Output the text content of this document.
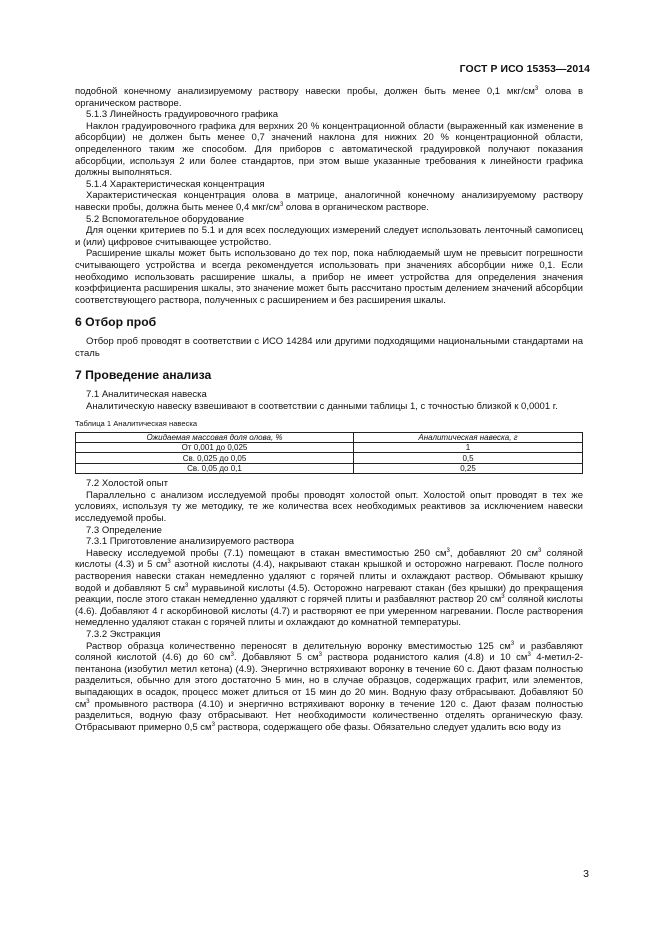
ГОСТ Р ИСО 15353—2014

подобной конечному анализируемому раствору навески пробы, должен быть менее 0,1 мкг/$см^3$ олова в органическом растворе.

5.1.3 Линейность градуировочного графика

Наклон градуировочного графика для верхних 20 % концентрационной области (выраженный как изменение в абсорбции) не должен быть менее 0,7 значений наклона для нижних 20 % концентрационной области, определенного таким же способом. Для приборов с автоматической градуировкой получают показания абсорбции, используя 2 или более стандартов, при этом выше указанные требования к линейности графика должны выполняться.

5.1.4 Характеристическая концентрация

Характеристическая концентрация олова в матрице, аналогичной конечному анализируемому раствору навески пробы, должна быть менее 0,4 мкг/$см^3$ олова в органическом растворе.

5.2 Вспомогательное оборудование

Для оценки критериев по 5.1 и для всех последующих измерений следует использовать ленточный самописец и (или) цифровое считывающее устройство.

Расширение шкалы может быть использовано до тех пор, пока наблюдаемый шум не превысит погрешности считывающего устройства и всегда рекомендуется использовать при значениях абсорбции ниже 0,1. Если необходимо использовать расширение шкалы, а прибор не имеет устройства для определения значения коэффициента расширения шкалы, это значение может быть рассчитано простым делением значений абсорбции соответствующего раствора, полученных с расширением и без расширения шкалы.

6 Отбор проб

Отбор проб проводят в соответствии с ИСО 14284 или другими подходящими национальными стандартами на сталь

7 Проведение анализа

7.1 Аналитическая навеска

Аналитическую навеску взвешивают в соответствии с данными таблицы 1, с точностью близкой к 0,0001 г.

Таблица 1 Аналитическая навеска
Ожидаемая массовая доля олова, %	Аналитическая навеска, г
От 0,001 до 0,025	1
Св. 0,025 до 0,05	0,5
Св. 0,05 до 0,1	0,25

7.2 Холостой опыт

Параллельно с анализом исследуемой пробы проводят холостой опыт. Холостой опыт проводят в тех же условиях, используя ту же методику, те же количества всех необходимых реактивов за исключением навески исследуемой пробы.

7.3 Определение

7.3.1 Приготовление анализируемого раствора

Навеску исследуемой пробы (7.1) помещают в стакан вместимостью 250 $см^3$, добавляют 20 $см^3$ соляной кислоты (4.3) и 5 $см^3$ азотной кислоты (4.4), накрывают стакан крышкой и осторожно нагревают. После полного растворения навески стакан немедленно удаляют с горячей плиты и охлаждают раствор. Обмывают крышку водой и добавляют 5 $см^3$ муравьиной кислоты (4.5). Осторожно нагревают стакан (без крышки) до прекращения реакции, после этого стакан немедленно удаляют с горячей плиты и разбавляют раствор 20 $см^3$ соляной кислоты (4.6). Добавляют 4 г аскорбиновой кислоты (4.7) и растворяют ее при умеренном нагревании. После растворения немедленно удаляют стакан с горячей плиты и охлаждают до комнатной температуры.

7.3.2 Экстракция

Раствор образца количественно переносят в делительную воронку вместимостью 125 $см^3$ и разбавляют соляной кислотой (4.6) до 60 $см^3$. Добавляют 5 $см^3$ раствора роданистого калия (4.8) и 10 $см^3$ 4-метил-2-пентанона (изобутил метил кетона) (4.9). Энергично встряхивают воронку в течение 60 с. Дают фазам полностью разделиться, обычно для этого достаточно 5 мин, но в случае образцов, содержащих графит, или элементов, выпадающих в осадок, процесс может длиться от 15 мин до 20 мин. Водную фазу отбрасывают. Добавляют 50 $см^3$ промывного раствора (4.10) и энергично встряхивают воронку в течение 120 с. Дают фазам полностью разделиться, водную фазу отбрасывают. Нет необходимости количественно отделять органическую фазу. Отбрасывают примерно 0,5 $см^3$ раствора, содержащего обе фазы. Обязательно следует удалить всю воду из

3
